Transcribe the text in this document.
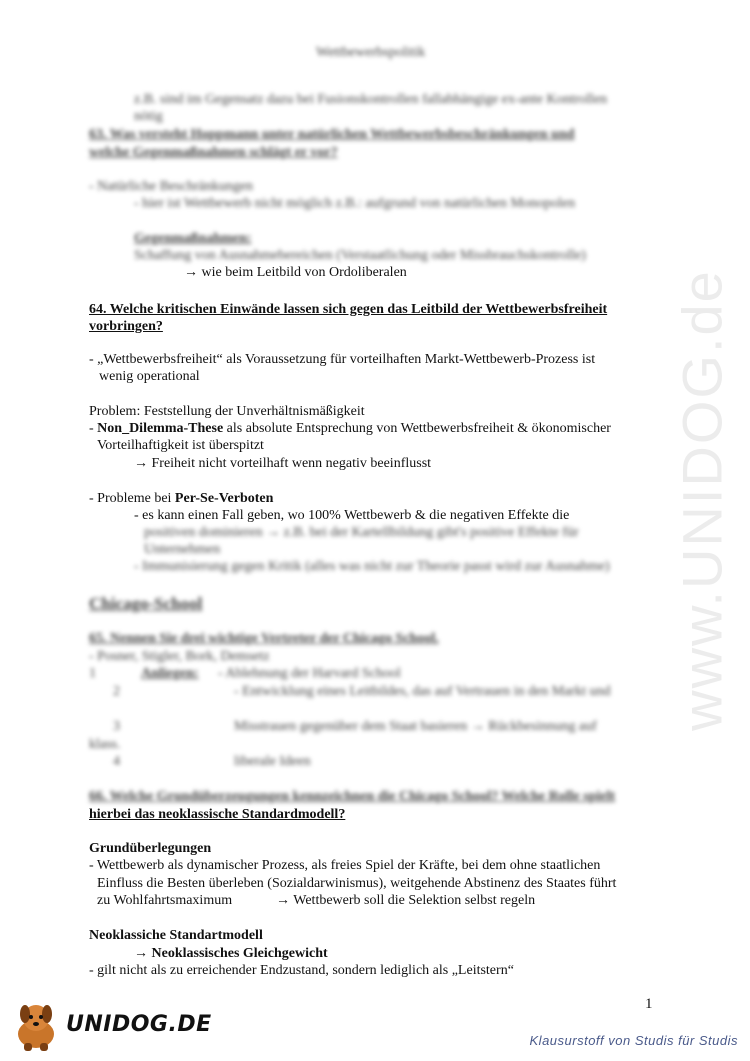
Wettbewerbspolitik
z.B. sind im Gegensatz dazu bei Fusionskontrollen fallabhängige ex-ante Kontrollen
nötig
63. Was versteht Hoppmann unter natürlichen Wettbewerbsbeschränkungen und
welche Gegenmaßnahmen schlägt er vor?
- Natürliche Beschränkungen
- hier ist Wettbewerb nicht möglich z.B.: aufgrund von natürlichen Monopolen
Gegenmaßnahmen:
Schaffung von Ausnahmebereichen (Verstaatlichung oder Missbrauchskontrolle)
→ wie beim Leitbild von Ordoliberalen
64. Welche kritischen Einwände lassen sich gegen das Leitbild der Wettbewerbsfreiheit
vorbringen?
- „Wettbewerbsfreiheit“ als Voraussetzung für vorteilhaften Markt-Wettbewerb-Prozess ist
wenig operational
Problem: Feststellung der Unverhältnismäßigkeit
- Non_Dilemma-These als absolute Entsprechung von Wettbewerbsfreiheit & ökonomischer
Vorteilhaftigkeit ist überspitzt
→ Freiheit nicht vorteilhaft wenn negativ beeinflusst
- Probleme bei Per-Se-Verboten
- es kann einen Fall geben, wo 100% Wettbewerb & die negativen Effekte die
positiven dominieren → z.B. bei der Kartellbildung gibt's positive Effekte für
Unternehmen
- Immunisierung gegen Kritik (alles was nicht zur Theorie passt wird zur Ausnahme)
Chicago-School
65. Nennen Sie drei wichtige Vertreter der Chicago School.
- Posner, Stigler, Bork, Demsetz
1	Anliegen: - Ablehnung der Harvard School
2	- Entwicklung eines Leitbildes, das auf Vertrauen in den Markt und
3	Misstrauen gegenüber dem Staat basieren → Rückbesinnung auf
klass.
4	liberale Ideen
66. Welche Grundüberzeugungen kennzeichnen die Chicago School? Welche Rolle spielt
hierbei das neoklassische Standardmodell?
Grundüberlegungen
- Wettbewerb als dynamischer Prozess, als freies Spiel der Kräfte, bei dem ohne staatlichen
Einfluss die Besten überleben (Sozialdarwinismus), weitgehende Abstinenz des Staates führt
zu Wohlfahrtsmaximum	→ Wettbewerb soll die Selektion selbst regeln
Neoklassiche Standartmodell
→ Neoklassisches Gleichgewicht
- gilt nicht als zu erreichender Endzustand, sondern lediglich als „Leitstern“
www.UNIDOG.de
1
UNIDOG.DE
Klausurstoff von Studis für Studis
